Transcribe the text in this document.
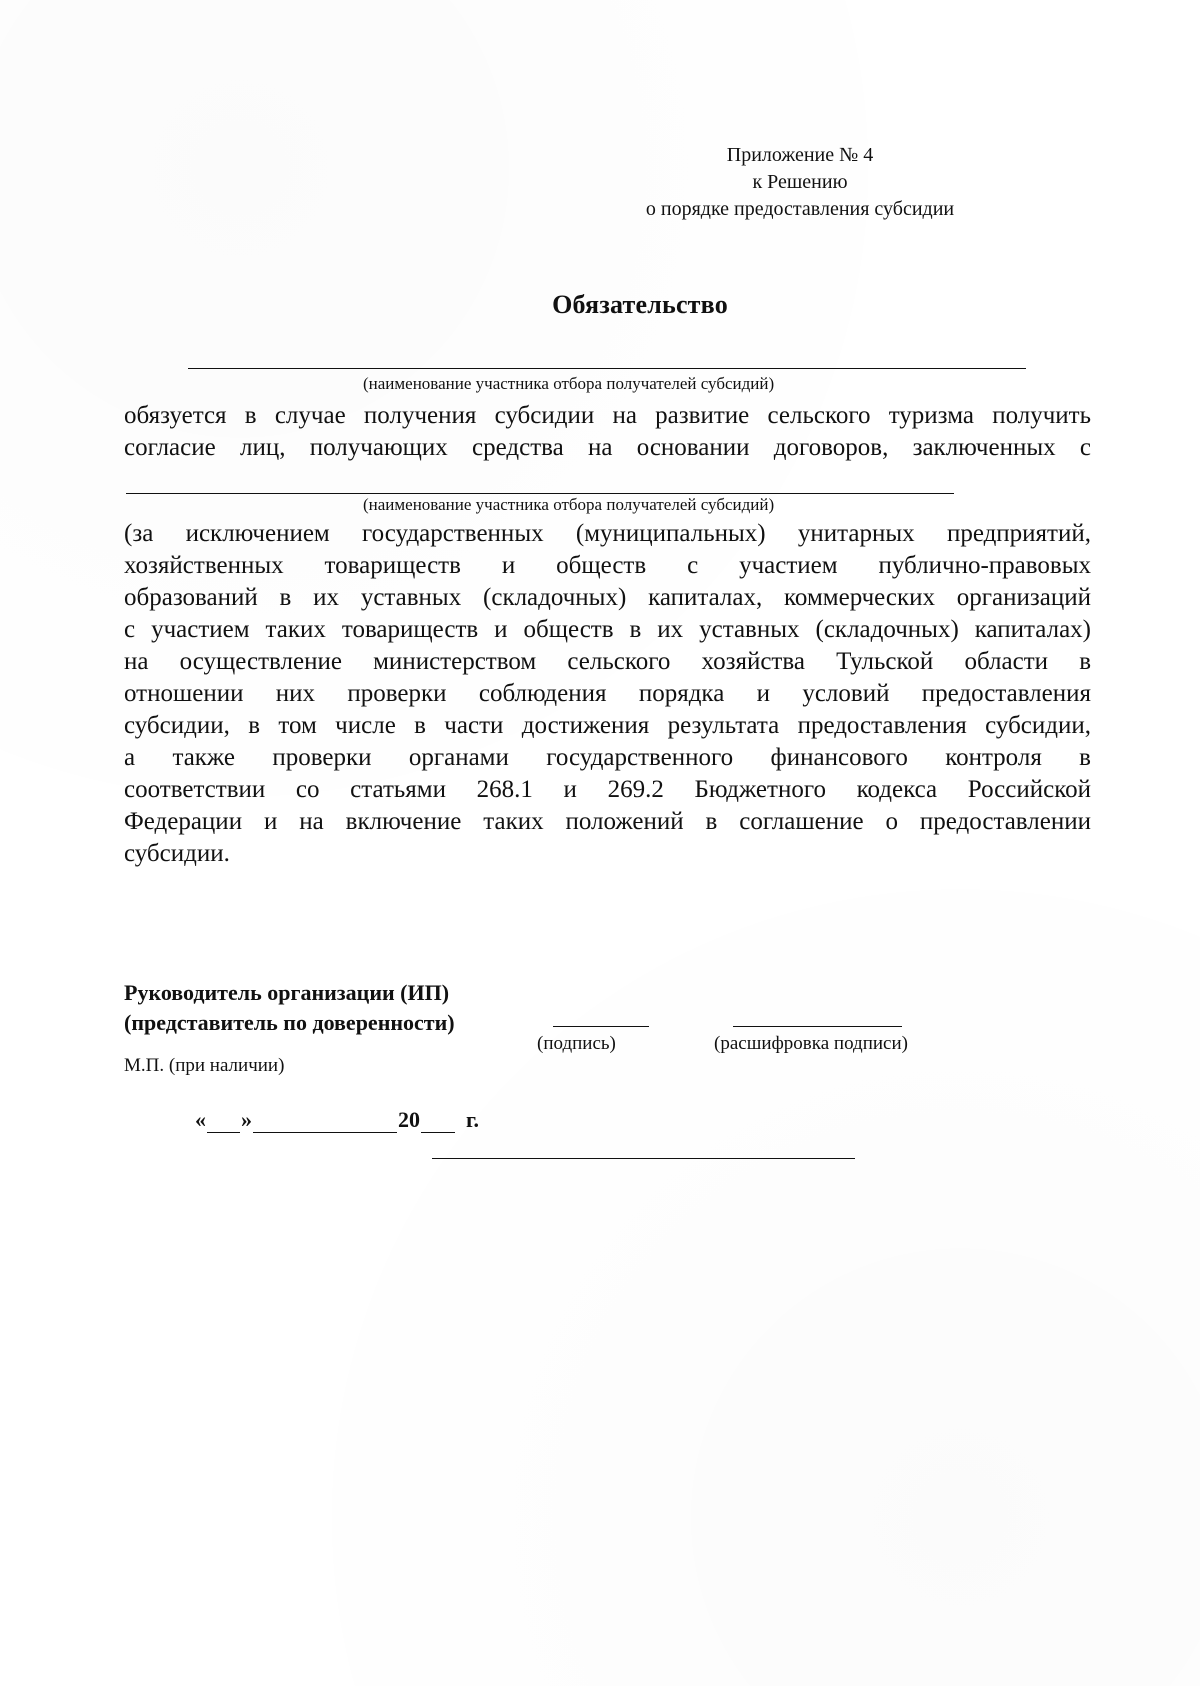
Приложение № 4
к Решению
о порядке предоставления субсидии
Обязательство
(наименование участника отбора получателей субсидий)
обязуется в случае получения субсидии на развитие сельского туризма получить
согласие лиц, получающих средства на основании договоров, заключенных с
(наименование участника отбора получателей субсидий)
(за исключением государственных (муниципальных) унитарных предприятий,
хозяйственных товариществ и обществ с участием публично-правовых
образований в их уставных (складочных) капиталах, коммерческих организаций
с участием таких товариществ и обществ в их уставных (складочных) капиталах)
на осуществление министерством сельского хозяйства Тульской области в
отношении них проверки соблюдения порядка и условий предоставления
субсидии, в том числе в части достижения результата предоставления субсидии,
а также проверки органами государственного финансового контроля в
соответствии со статьями 268.1 и 269.2 Бюджетного кодекса Российской
Федерации и на включение таких положений в соглашение о предоставлении
субсидии.
Руководитель организации (ИП)
(представитель по доверенности)
(подпись)	(расшифровка подписи)
М.П. (при наличии)
« »	20 г.
